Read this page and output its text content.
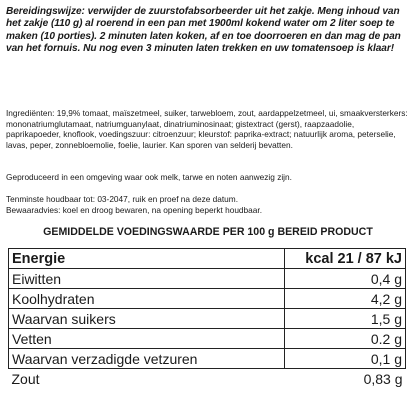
Bereidingswijze: verwijder de zuurstofabsorbeerder uit het zakje. Meng inhoud van het zakje (110 g) al roerend in een pan met 1900ml kokend water om 2 liter soep te maken (10 porties). 2 minuten laten koken, af en toe doorroeren en dan mag de pan van het fornuis. Nu nog even 3 minuten laten trekken en uw tomatensoep is klaar!
Ingrediënten: 19,9% tomaat, maïszetmeel, suiker, tarwebloem, zout, aardappelzetmeel, ui, smaakversterkers: mononatriumglutamaat, natriumguanylaat, dinatriuminosinaat; gistextract (gerst), raapzaadolie, paprikapoeder, knoflook, voedingszuur: citroenzuur; kleurstof: paprika-extract; natuurlijk aroma, peterselie, lavas, peper, zonnebloemolie, foelie, laurier. Kan sporen van selderij bevatten.
Geproduceerd in een omgeving waar ook melk, tarwe en noten aanwezig zijn.
Tenminste houdbaar tot: 03-2047, ruik en proef na deze datum.
Bewaaradvies: koel en droog bewaren, na opening beperkt houdbaar.
GEMIDDELDE VOEDINGSWAARDE PER 100 g BEREID PRODUCT
Energie	kcal 21 / 87 kJ
Eiwitten	0,4 g
Koolhydraten	4,2 g
Waarvan suikers	1,5 g
Vetten	0.2 g
Waarvan verzadigde vetzuren	0,1 g
Zout	0,83 g
